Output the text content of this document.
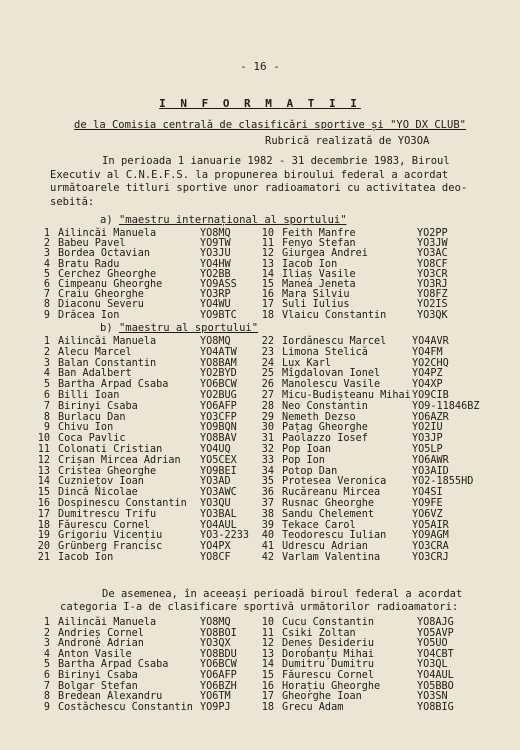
- 16 -
I N F O R M A T I I
de la Comisia centrală de clasificări sportive și "YO DX CLUB"
Rubrică realizată de YO3OA

In perioada 1 ianuarie 1982 - 31 decembrie 1983, Biroul

Executiv al C.N.E.F.S. la propunerea biroului federal a acordat

următoarele titluri sportive unor radioamatori cu activitatea deo-

sebită:

a) "maestru internațional al sportului"
1 Ailincăi Manuela	YO8MQ
2 Babeu Pavel	YO9TW
3 Bordea Octavian	YO3JU
4 Bratu Radu	YO4HW
5 Cerchez Gheorghe	YO2BB
6 Cimpeanu Gheorghe	YO9ASS
7 Craiu Gheorghe	YO3RP
8 Diaconu Severu	YO4WU
9 Drăcea Ion	YO9BTC
10 Feith Manfre	YO2PP
11 Fenyo Stefan	YO3JW
12 Giurgea Andrei	YO3AC
13 Iacob Ion	YO8CF
14 Iliaș Vasile	YO3CR
15 Manea Jeneta	YO3RJ
16 Mara Silviu	YO8FZ
17 Suli Iulius	YO2IS
18 Vlaicu Constantin	YO3QK
b) "maestru al sportului"
1 Ailincăi Manuela	YO8MQ
2 Alecu Marcel	YO4ATW
3 Balan Constantin	YO8BAM
4 Ban Adalbert	YO2BYD
5 Bartha Arpad Csaba	YO6BCW
6 Billi Ioan	YO2BUG
7 Birinyi Csaba	YO6AFP
8 Burlacu Dan	YO3CFP
9 Chivu Ion	YO9BQN
10 Coca Pavlic	YO8BAV
11 Colonati Cristian	YO4UQ
12 Crișan Mircea Adrian YO5CEX
13 Cristea Gheorghe	YO9BEI
14 Cuzniețov Ioan	YO3AD
15 Dincă Nicolae	YO3AWC
16 Dospinescu Constantin YO3QU
17 Dumitrescu Trifu	YO3BAL
18 Făurescu Cornel	YO4AUL
19 Grigoriu Vicențiu	YO3-2233
20 Grünberg Francisc	YO4PX
21 Iacob Ion	YO8CF
22 Iordănescu Marcel	YO4AVR
23 Limona Stelică	YO4FM
24 Lux Karl	YO2CHQ
25 Mîgdalovan Ionel	YO4PZ
26 Manolescu Vasile	YO4XP
27 Micu-Budișteanu Mihai YO9CIB
28 Neo Constantin	YO9-11846BZ
29 Nemeth Dezso	YO6AZR
30 Pațag Gheorghe	YO2IU
31 Paolazzo Iosef	YO3JP
32 Pop Ioan	YO5LP
33 Pop Ion	YO6AWR
34 Potop Dan	YO3AID
35 Protesea Veronica	YO2-1855HD
36 Rucăreanu Mircea	YO4SI
37 Rusnac Gheorghe	YO9FE
38 Sandu Chelement	YO6VZ
39 Tekace Carol	YO5AIR
40 Teodorescu Iulian	YO9AGM
41 Udrescu Adrian	YO3CRA
42 Varlam Valentina	YO3CRJ

De asemenea, în aceeași perioadă biroul federal a acordat

categoria I-a de clasificare sportivă următorilor radioamatori:

1 Ailincăi Manuela	YO8MQ
2 Andrieș Cornel	YO8BOI
3 Androne Adrian	YO3QX
4 Anton Vasile	YO8BDU
5 Bartha Arpad Csaba	YO6BCW
6 Birinyi Csaba	YO6AFP
7 Bolgar Stefan	YO6BZH
8 Bredean Alexandru	YO6TM
9 Costăchescu Constantin YO9PJ
10 Cucu Constantin	YO8AJG
11 Csiki Zoltan	YO5AVP
12 Deneș Desideriu	YO5UO
13 Dorobanțu Mihai	YO4CBT
14 Dumitru Dumitru	YO3QL
15 Făurescu Cornel	YO4AUL
16 Horațiu Gheorghe	YO5BBO
17 Gheorghe Ioan	YO3SN
18 Grecu Adam	YO8BIG
